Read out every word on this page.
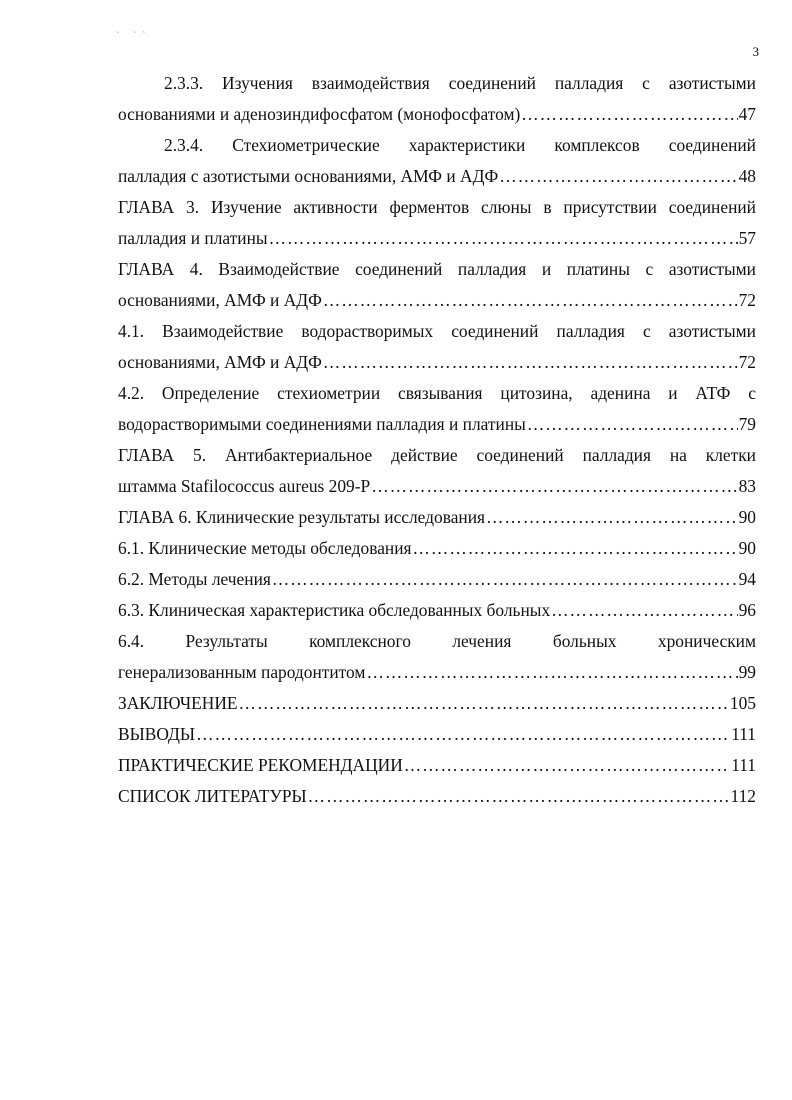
` ``
3
2.3.3. Изучения взаимодействия соединений палладия с азотистыми
основаниями и аденозиндифосфатом (монофосфатом) ………………………………………………………………………………………………………………………………………………	47
2.3.4. Стехиометрические характеристики комплексов соединений
палладия с азотистыми основаниями, АМФ и АДФ ………………………………………………………………………………………………………………………………………………	48
ГЛАВА 3. Изучение активности ферментов слюны в присутствии соединений
палладия и платины ………………………………………………………………………………………………………………………………………………	57
ГЛАВА 4. Взаимодействие соединений палладия и платины с азотистыми
основаниями, АМФ и АДФ ………………………………………………………………………………………………………………………………………………	72
4.1. Взаимодействие водорастворимых соединений палладия с азотистыми
основаниями, АМФ и АДФ ………………………………………………………………………………………………………………………………………………	72
4.2. Определение стехиометрии связывания цитозина, аденина и АТФ с
водорастворимыми соединениями палладия и платины ………………………………………………………………………………………………………………………………………………	79
ГЛАВА 5. Антибактериальное действие соединений палладия на клетки
штамма Stafilococcus aureus 209-P ………………………………………………………………………………………………………………………………………………	83
ГЛАВА 6. Клинические результаты исследования ………………………………………………………………………………………………………………………………………………	90
6.1. Клинические методы обследования ………………………………………………………………………………………………………………………………………………	90
6.2. Методы лечения ………………………………………………………………………………………………………………………………………………	94
6.3. Клиническая характеристика обследованных больных ………………………………………………………………………………………………………………………………………………	96
6.4. Результаты комплексного лечения больных хроническим
генерализованным пародонтитом ………………………………………………………………………………………………………………………………………………	99
ЗАКЛЮЧЕНИЕ ………………………………………………………………………………………………………………………………………………	105
ВЫВОДЫ ………………………………………………………………………………………………………………………………………………	111
ПРАКТИЧЕСКИЕ РЕКОМЕНДАЦИИ ………………………………………………………………………………………………………………………………………………	111
СПИСОК ЛИТЕРАТУРЫ ………………………………………………………………………………………………………………………………………………	112
